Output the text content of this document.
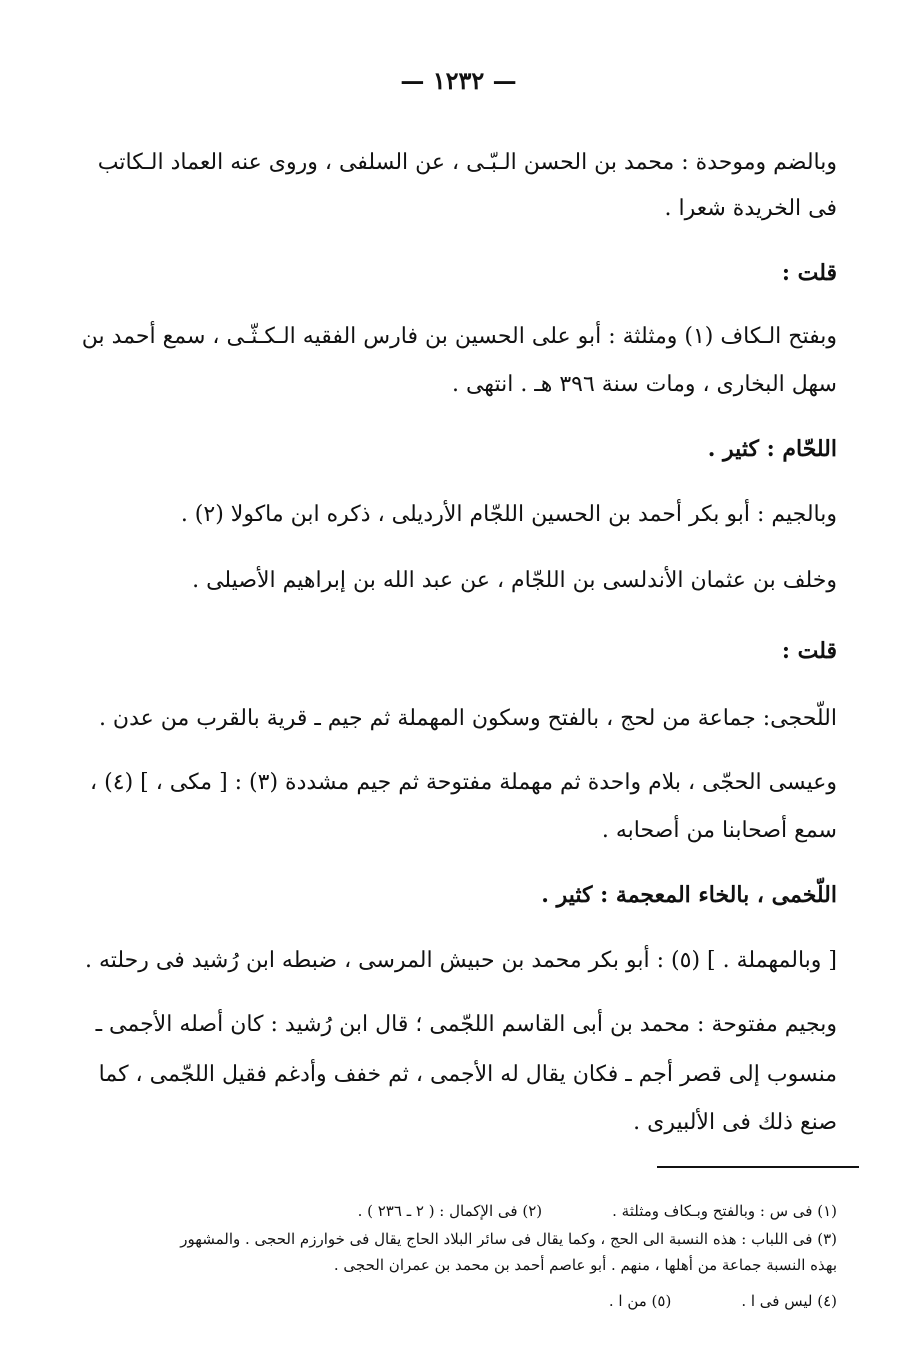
— ١٢٣٢ —
وبالضم وموحدة : محمد بن الحسن الـبّـى ، عن السلفى ، وروى عنه العماد الـكاتب
فى الخريدة شعرا .
قلت :
وبفتح الـكاف (١) ومثلثة : أبو على الحسين بن فارس الفقيه الـكـثّـى ، سمع أحمد بن
سهل البخارى ، ومات سنة ٣٩٦ هـ . انتهى .
اللحّام : كثير .
وبالجيم : أبو بكر أحمد بن الحسين اللجّام الأرديلى ، ذكره ابن ماكولا (٢) .
وخلف بن عثمان الأندلسى بن اللجّام ، عن عبد الله بن إبراهيم الأصيلى .
قلت :
اللّحجى: جماعة من لحج ، بالفتح وسكون المهملة ثم جيم ـ قرية بالقرب من عدن .
وعيسى الحجّى ، بلام واحدة ثم مهملة مفتوحة ثم جيم مشددة (٣) : [ مكى ، ] (٤) ،
سمع أصحابنا من أصحابه .
اللّخمى ، بالخاء المعجمة : كثير .
[ وبالمهملة . ] (٥) : أبو بكر محمد بن حبيش المرسى ، ضبطه ابن رُشيد فى رحلته .
وبجيم مفتوحة : محمد بن أبى القاسم اللجّمى ؛ قال ابن رُشيد : كان أصله الأجمى ـ
منسوب إلى قصر أجم ـ فكان يقال له الأجمى ، ثم خفف وأدغم فقيل اللجّمى ، كما
صنع ذلك فى الألبيرى .
(١) فى س : وبالفتح وبـكاف ومثلثة .(٢) فى الإكمال : ( ٢ ـ ٢٣٦ ) .
(٣) فى اللباب : هذه النسبة الى الحج ، وكما يقال فى سائر البلاد الحاج يقال فى خوارزم الحجى . والمشهور
بهذه النسبة جماعة من أهلها ، منهم . أبو عاصم أحمد بن محمد بن عمران الحجى .
(٤) ليس فى ا .(٥) من ا .
